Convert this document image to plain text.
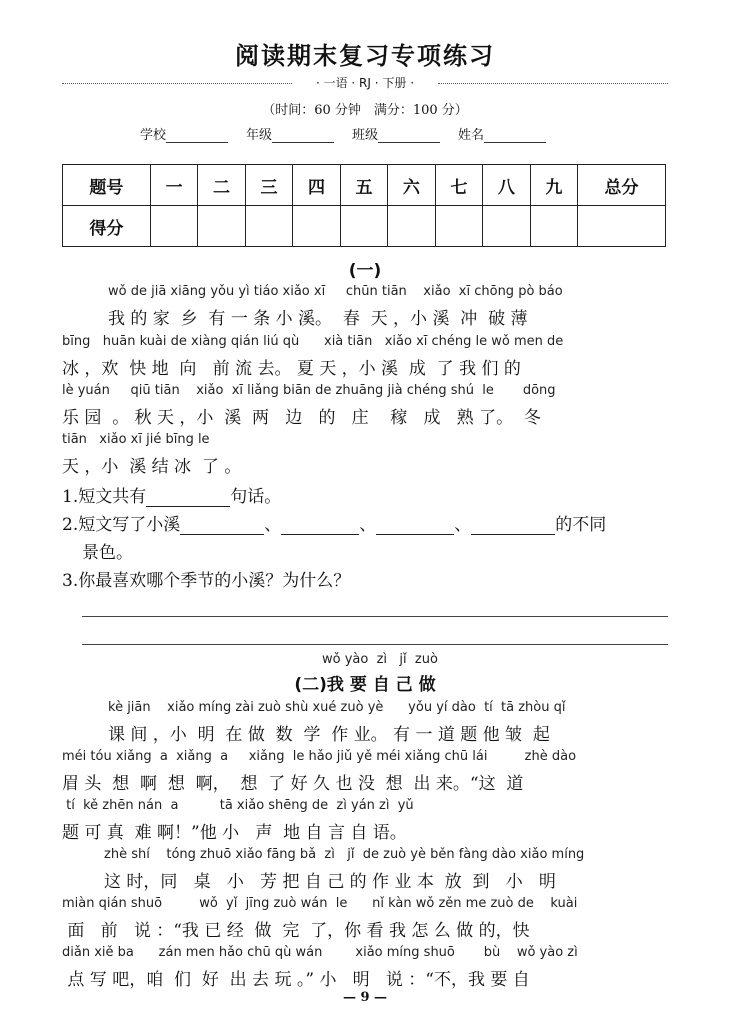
阅读期末复习专项练习
· 一语 · RJ · 下册 ·
（时间：60 分钟　满分：100 分）
学校	年级	班级	姓名
题号	一	二	三	四	五	六	七	八	九	总分
得分										
(一)
wǒ de jiā xiāng yǒu yì tiáo xiǎo xī     chūn tiān    xiǎo  xī chōng pò báo
我 的 家  乡  有 一 条 小 溪。  春  天 ，小 溪  冲  破 薄
bīng   huān kuài de xiàng qián liú qù      xià tiān   xiǎo xī chéng le wǒ men de
冰 ，欢  快 地  向   前 流 去。 夏 天 ，小 溪  成  了 我 们 的
lè yuán     qiū tiān    xiǎo  xī liǎng biān de zhuāng jià chéng shú  le       dōng
乐 园  。 秋 天 ，小  溪  两   边   的   庄    稼   成   熟 了。  冬
tiān   xiǎo xī jié bīng le
天 ，小  溪 结 冰  了 。
1.短文共有	句话。
2.短文写了小溪	、	、	、	的不同
景色。
3.你最喜欢哪个季节的小溪？为什么？
wǒ yào  zì   jǐ  zuò
(二)我 要 自 己 做
kè jiān    xiǎo míng zài zuò shù xué zuò yè      yǒu yí dào  tí  tā zhòu qǐ
课 间 ，小  明  在 做  数  学  作 业。 有 一 道 题 他 皱  起
méi tóu xiǎng  a  xiǎng  a     xiǎng  le hǎo jiǔ yě méi xiǎng chū lái         zhè dào
眉 头  想  啊  想  啊，  想  了 好 久 也 没  想  出 来。“这  道
tí  kě zhēn nán  a          tā xiǎo shēng de  zì yán zì  yǔ
题 可 真  难 啊！”他 小   声  地 自 言 自 语。
zhè shí    tóng zhuō xiǎo fāng bǎ  zì   jǐ  de zuò yè běn fàng dào xiǎo míng
这 时，同   桌   小   芳 把 自 己 的 作 业 本  放  到   小   明
miàn qián shuō         wǒ  yǐ  jīng zuò wán  le      nǐ kàn wǒ zěn me zuò de    kuài
面   前   说 ：“我 已 经  做  完  了，你 看 我 怎 么 做 的，快
diǎn xiě ba      zán men hǎo chū qù wán        xiǎo míng shuō       bù    wǒ yào zì
点 写 吧，咱  们  好  出 去 玩 。” 小   明   说 ：“不，我 要 自
— 9 —
